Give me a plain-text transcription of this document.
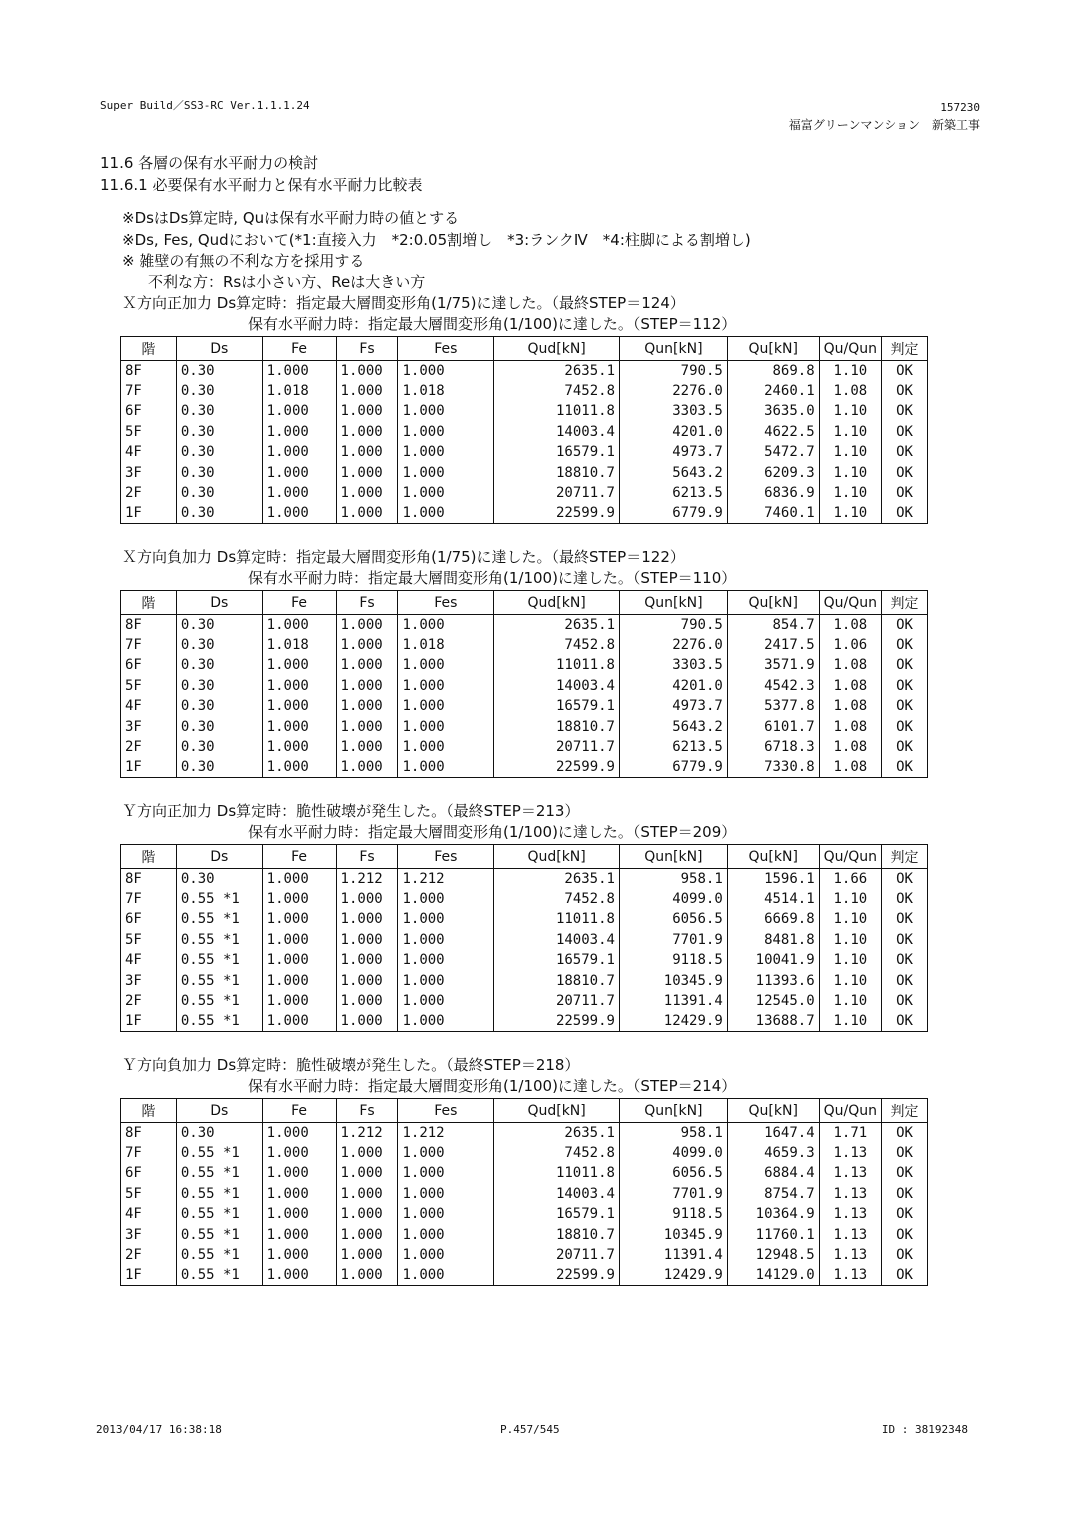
Super Build／SS3-RC Ver.1.1.1.24	157230
福富グリーンマンション　新築工事
11.6 各層の保有水平耐力の検討
11.6.1 必要保有水平耐力と保有水平耐力比較表
※DsはDs算定時, Quは保有水平耐力時の値とする
※Ds, Fes, Qudにおいて(*1:直接入力　*2:0.05割増し　*3:ランクⅣ　*4:柱脚による割増し)
※ 雑壁の有無の不利な方を採用する
不利な方：Rsは小さい方、Reは大きい方
Ｘ方向正加力 Ds算定時：指定最大層間変形角(1/75)に達した。（最終STEP＝124）
保有水平耐力時：指定最大層間変形角(1/100)に達した。（STEP＝112）
階	Ds	Fe	Fs	Fes	Qud[kN]	Qun[kN]	Qu[kN]	Qu/Qun	判定
8F	0.30	1.000	1.000	1.000	2635.1	790.5	869.8	1.10	OK
7F	0.30	1.018	1.000	1.018	7452.8	2276.0	2460.1	1.08	OK
6F	0.30	1.000	1.000	1.000	11011.8	3303.5	3635.0	1.10	OK
5F	0.30	1.000	1.000	1.000	14003.4	4201.0	4622.5	1.10	OK
4F	0.30	1.000	1.000	1.000	16579.1	4973.7	5472.7	1.10	OK
3F	0.30	1.000	1.000	1.000	18810.7	5643.2	6209.3	1.10	OK
2F	0.30	1.000	1.000	1.000	20711.7	6213.5	6836.9	1.10	OK
1F	0.30	1.000	1.000	1.000	22599.9	6779.9	7460.1	1.10	OK
Ｘ方向負加力 Ds算定時：指定最大層間変形角(1/75)に達した。（最終STEP＝122）
保有水平耐力時：指定最大層間変形角(1/100)に達した。（STEP＝110）
階	Ds	Fe	Fs	Fes	Qud[kN]	Qun[kN]	Qu[kN]	Qu/Qun	判定
8F	0.30	1.000	1.000	1.000	2635.1	790.5	854.7	1.08	OK
7F	0.30	1.018	1.000	1.018	7452.8	2276.0	2417.5	1.06	OK
6F	0.30	1.000	1.000	1.000	11011.8	3303.5	3571.9	1.08	OK
5F	0.30	1.000	1.000	1.000	14003.4	4201.0	4542.3	1.08	OK
4F	0.30	1.000	1.000	1.000	16579.1	4973.7	5377.8	1.08	OK
3F	0.30	1.000	1.000	1.000	18810.7	5643.2	6101.7	1.08	OK
2F	0.30	1.000	1.000	1.000	20711.7	6213.5	6718.3	1.08	OK
1F	0.30	1.000	1.000	1.000	22599.9	6779.9	7330.8	1.08	OK
Ｙ方向正加力 Ds算定時：脆性破壊が発生した。（最終STEP＝213）
保有水平耐力時：指定最大層間変形角(1/100)に達した。（STEP＝209）
階	Ds	Fe	Fs	Fes	Qud[kN]	Qun[kN]	Qu[kN]	Qu/Qun	判定
8F	0.30	1.000	1.212	1.212	2635.1	958.1	1596.1	1.66	OK
7F	0.55 *1	1.000	1.000	1.000	7452.8	4099.0	4514.1	1.10	OK
6F	0.55 *1	1.000	1.000	1.000	11011.8	6056.5	6669.8	1.10	OK
5F	0.55 *1	1.000	1.000	1.000	14003.4	7701.9	8481.8	1.10	OK
4F	0.55 *1	1.000	1.000	1.000	16579.1	9118.5	10041.9	1.10	OK
3F	0.55 *1	1.000	1.000	1.000	18810.7	10345.9	11393.6	1.10	OK
2F	0.55 *1	1.000	1.000	1.000	20711.7	11391.4	12545.0	1.10	OK
1F	0.55 *1	1.000	1.000	1.000	22599.9	12429.9	13688.7	1.10	OK
Ｙ方向負加力 Ds算定時：脆性破壊が発生した。（最終STEP＝218）
保有水平耐力時：指定最大層間変形角(1/100)に達した。（STEP＝214）
階	Ds	Fe	Fs	Fes	Qud[kN]	Qun[kN]	Qu[kN]	Qu/Qun	判定
8F	0.30	1.000	1.212	1.212	2635.1	958.1	1647.4	1.71	OK
7F	0.55 *1	1.000	1.000	1.000	7452.8	4099.0	4659.3	1.13	OK
6F	0.55 *1	1.000	1.000	1.000	11011.8	6056.5	6884.4	1.13	OK
5F	0.55 *1	1.000	1.000	1.000	14003.4	7701.9	8754.7	1.13	OK
4F	0.55 *1	1.000	1.000	1.000	16579.1	9118.5	10364.9	1.13	OK
3F	0.55 *1	1.000	1.000	1.000	18810.7	10345.9	11760.1	1.13	OK
2F	0.55 *1	1.000	1.000	1.000	20711.7	11391.4	12948.5	1.13	OK
1F	0.55 *1	1.000	1.000	1.000	22599.9	12429.9	14129.0	1.13	OK
2013/04/17 16:38:18	P.457/545	ID : 38192348
